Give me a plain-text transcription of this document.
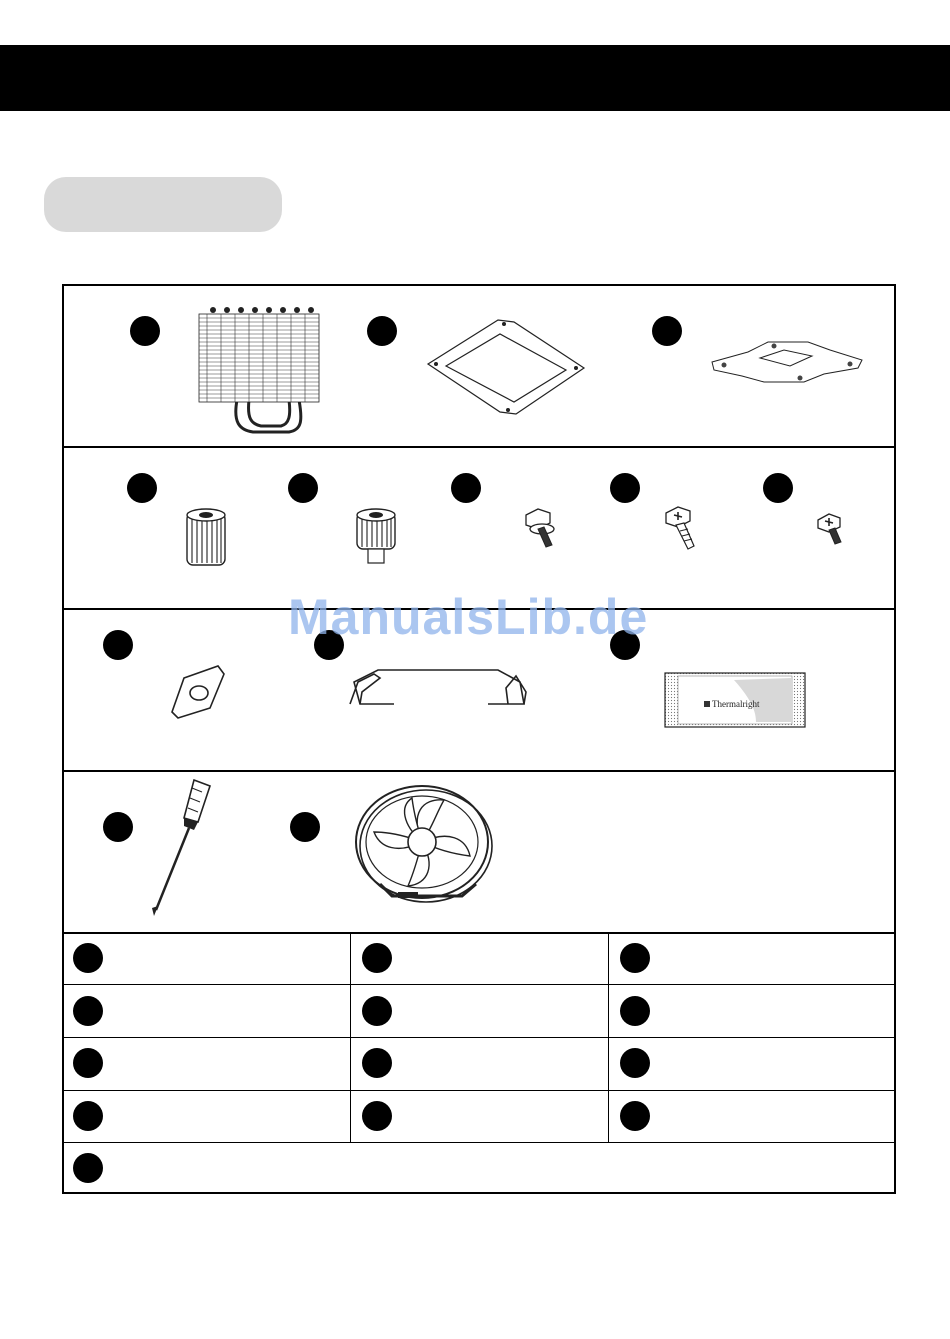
Thermalright
ManualsLib.de
